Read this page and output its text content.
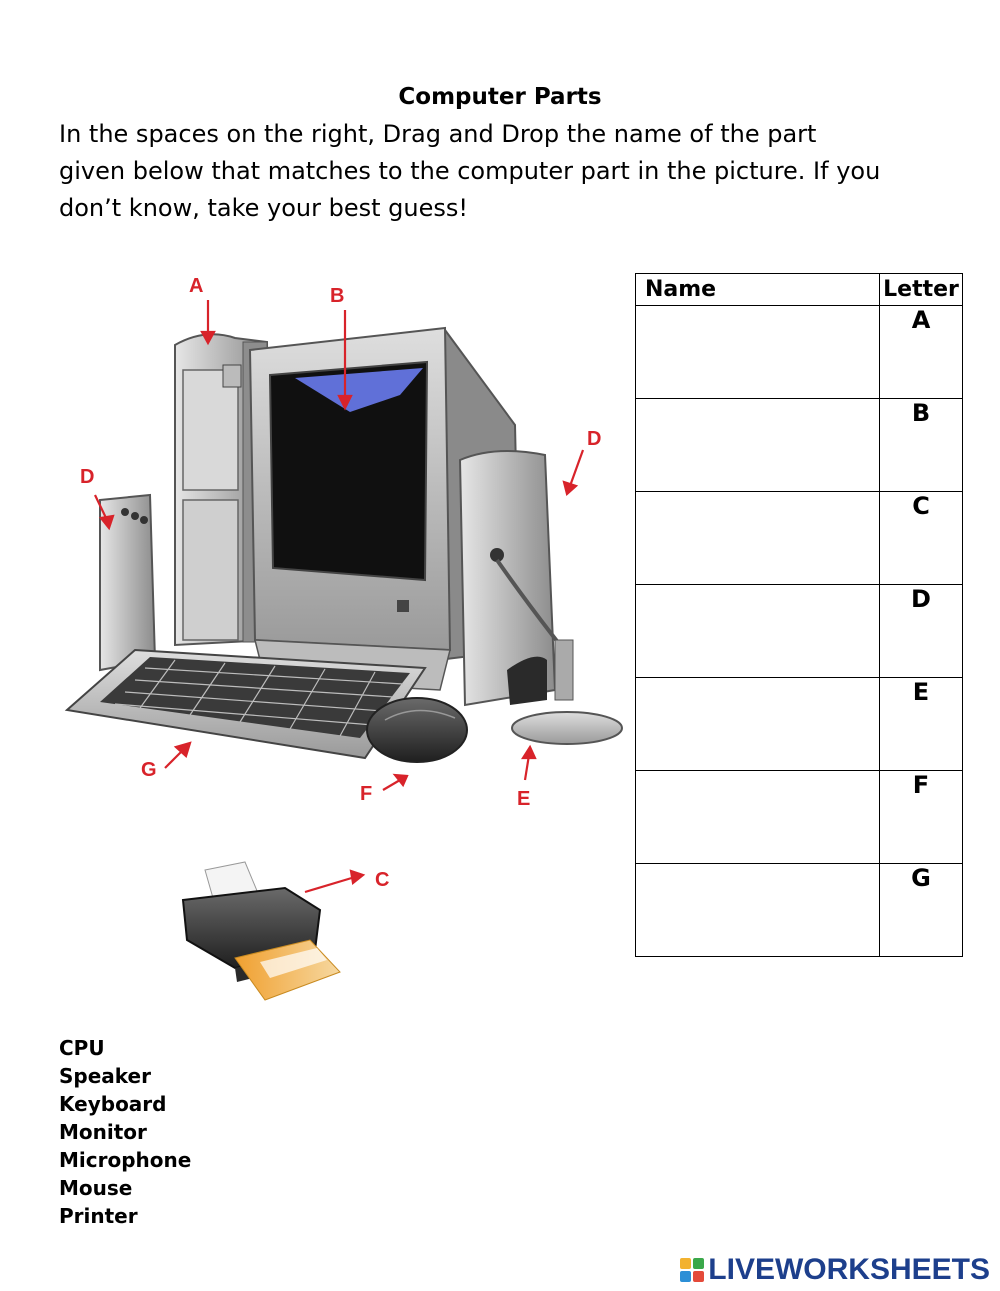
Computer Parts
In the spaces on the right, Drag and Drop the name of the part given below that matches to the computer part in the picture. If you don’t know, take your best guess!
A	B
D
D
E
F
G
C
Name	Letter
	A
	B
	C
	D
	E
	F
	G
CPU
Speaker
Keyboard
Monitor
Microphone
Mouse
Printer
LIVEWORKSHEETS
